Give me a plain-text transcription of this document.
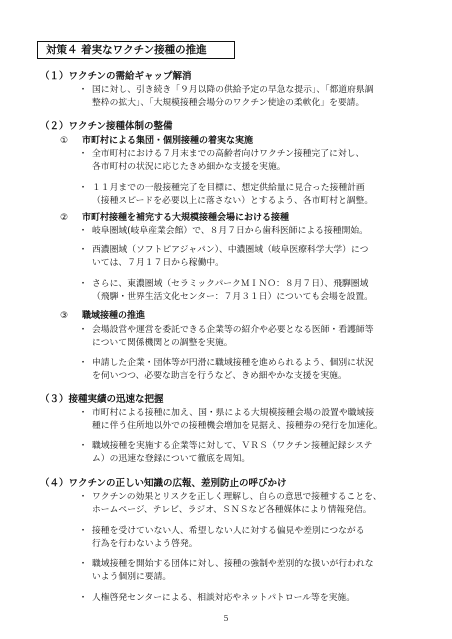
対策４ 着実なワクチン接種の推進
（１）ワクチンの需給ギャップ解消
・ 国に対し、引き続き「９月以降の供給予定の早急な提示」、「都道府県調
整枠の拡大」、「大規模接種会場分のワクチン使途の柔軟化」を要請。
（２）ワクチン接種体制の整備
① 市町村による集団・個別接種の着実な実施
・ 全市町村における７月末までの高齢者向けワクチン接種完了に対し、
各市町村の状況に応じたきめ細かな支援を実施。
・ １１月までの一般接種完了を目標に、想定供給量に見合った接種計画
（接種スピードを必要以上に落さない）とするよう、各市町村と調整。
② 市町村接種を補完する大規模接種会場における接種
・ 岐阜圏域(岐阜産業会館）で、８月７日から歯科医師による接種開始。
・ 西濃圏域（ソフトピアジャパン）、中濃圏域（岐阜医療科学大学）につ
いては、７月１７日から稼働中。
・ さらに、東濃圏域（セラミックパークＭＩＮＯ：８月７日）、飛騨圏域
（飛騨・世界生活文化センター：７月３１日）についても会場を設置。
③ 職域接種の推進
・ 会場設営や運営を委託できる企業等の紹介や必要となる医師・看護師等
について関係機関との調整を実施。
・ 申請した企業・団体等が円滑に職域接種を進められるよう、個別に状況
を伺いつつ、必要な助言を行うなど、きめ細やかな支援を実施。
（３）接種実績の迅速な把握
・ 市町村による接種に加え、国・県による大規模接種会場の設置や職域接
種に伴う住所地以外での接種機会増加を見据え、接種券の発行を加速化。
・ 職域接種を実施する企業等に対して、ＶＲＳ（ワクチン接種記録システ
ム）の迅速な登録について徹底を周知。
（４）ワクチンの正しい知識の広報、差別防止の呼びかけ
・ ワクチンの効果とリスクを正しく理解し、自らの意思で接種することを、
ホームページ、テレビ、ラジオ、ＳＮＳなど各種媒体により情報発信。
・ 接種を受けていない人、希望しない人に対する偏見や差別につながる
行為を行わないよう啓発。
・ 職域接種を開始する団体に対し、接種の強制や差別的な扱いが行われな
いよう個別に要請。
・ 人権啓発センターによる、相談対応やネットパトロール等を実施。
5
